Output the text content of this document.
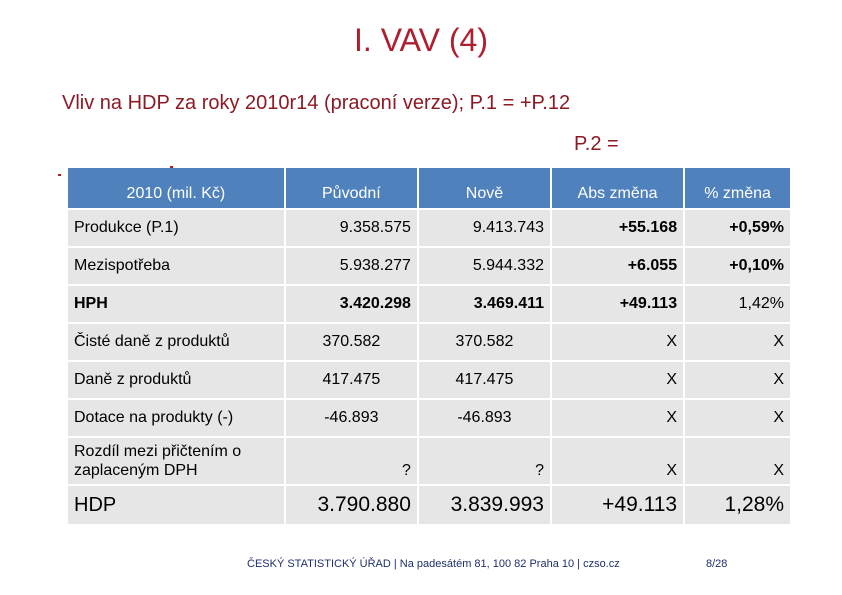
I. VAV (4)
Vliv na HDP za roky 2010r14 (praconí verze); P.1 = +P.12
P.2 =
2010 (mil. Kč)	Původní	Nově	Abs změna	% změna
Produkce (P.1)	9.358.575	9.413.743	+55.168	+0,59%
Mezispotřeba	5.938.277	5.944.332	+6.055	+0,10%
HPH	3.420.298	3.469.411	+49.113	1,42%
Čisté daně z produktů	370.582	370.582	X	X
Daně z produktů	417.475	417.475	X	X
Dotace na produkty (-)	-46.893	-46.893	X	X
Rozdíl mezi přičtením o zaplaceným DPH	?	?	X	X
HDP	3.790.880	3.839.993	+49.113	1,28%
ČESKÝ STATISTICKÝ ÚŘAD | Na padesátém 81, 100 82 Praha 10 | czso.cz	8/28
